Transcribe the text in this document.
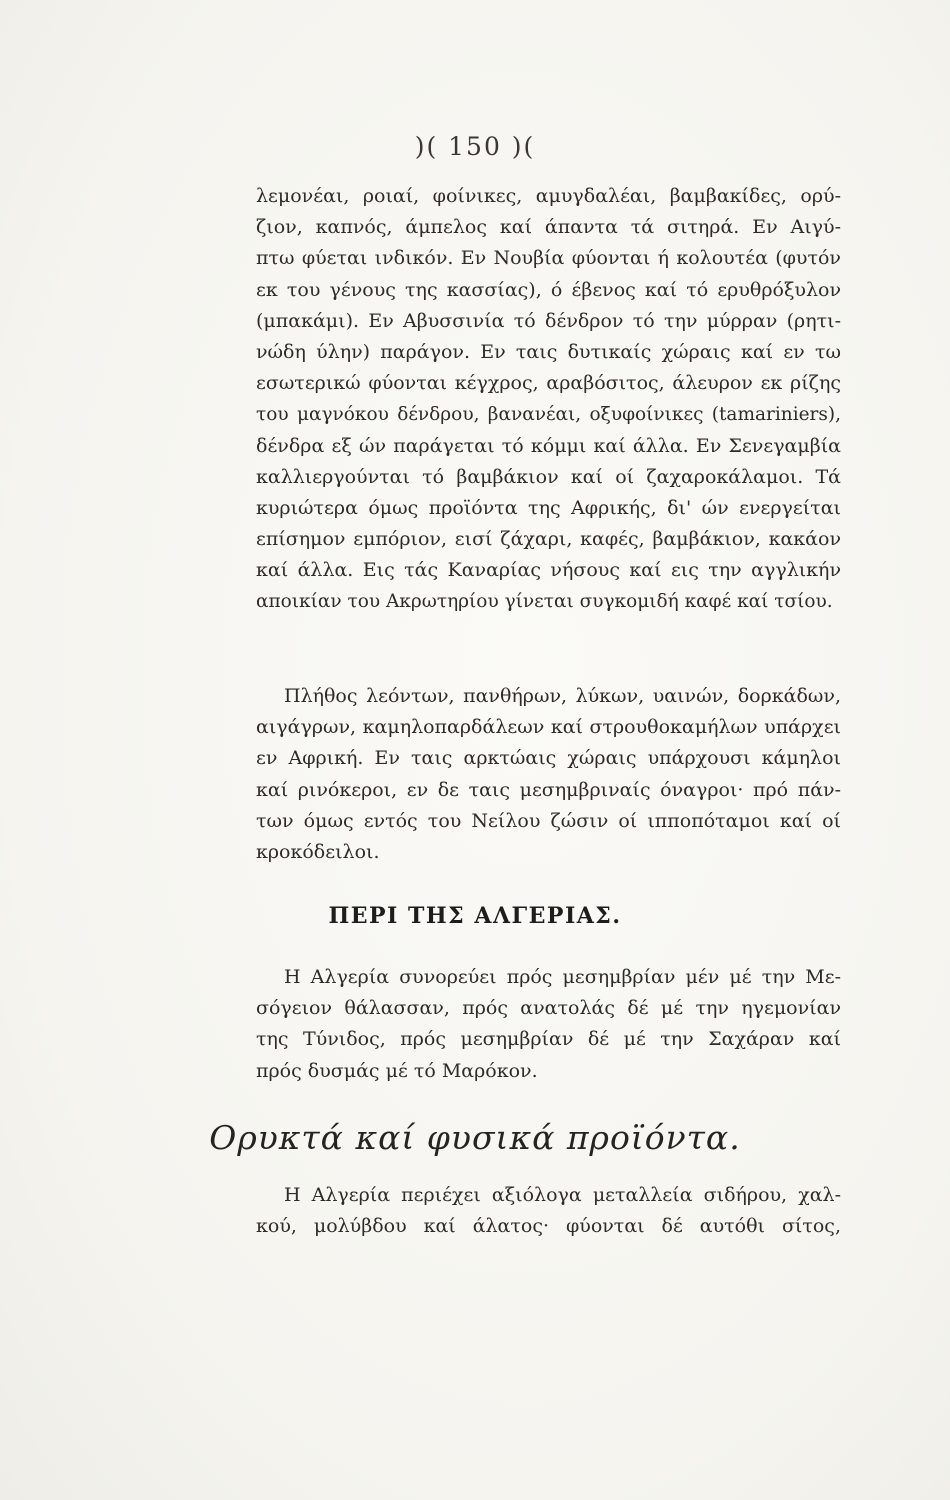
)( 150 )(
λεμονέαι, ροιαί, φοίνικες, αμυγδαλέαι, βαμβακίδες, ορύ-
ζιον, καπνός, άμπελος καί άπαντα τά σιτηρά. Εν Αιγύ-
πτω φύεται ινδικόν. Εν Νουβία φύονται ή κολουτέα (φυτόν
εκ του γένους της κασσίας), ό έβενος καί τό ερυθρόξυλον
(μπακάμι). Εν Αβυσσινία τό δένδρον τό την μύρραν (ρητι-
νώδη ύλην) παράγον. Εν ταις δυτικαίς χώραις καί εν τω
εσωτερικώ φύονται κέγχρος, αραβόσιτος, άλευρον εκ ρίζης
του μαγνόκου δένδρου, βανανέαι, οξυφοίνικες (tamariniers),
δένδρα εξ ών παράγεται τό κόμμι καί άλλα. Εν Σενεγαμβία
καλλιεργούνται τό βαμβάκιον καί οί ζαχαροκάλαμοι. Τά
κυριώτερα όμως προϊόντα της Αφρικής, δι' ών ενεργείται
επίσημον εμπόριον, εισί ζάχαρι, καφές, βαμβάκιον, κακάον
καί άλλα. Εις τάς Καναρίας νήσους καί εις την αγγλικήν
αποικίαν του Ακρωτηρίου γίνεται συγκομιδή καφέ καί τσίου.
Πλήθος λεόντων, πανθήρων, λύκων, υαινών, δορκάδων,
αιγάγρων, καμηλοπαρδάλεων καί στρουθοκαμήλων υπάρχει
εν Αφρική. Εν ταις αρκτώαις χώραις υπάρχουσι κάμηλοι
καί ρινόκεροι, εν δε ταις μεσημβριναίς όναγροι· πρό πάν-
των όμως εντός του Νείλου ζώσιν οί ιπποπόταμοι καί οί
κροκόδειλοι.
ΠΕΡΙ ΤΗΣ ΑΛΓΕΡΙΑΣ.
Η Αλγερία συνορεύει πρός μεσημβρίαν μέν μέ την Με-
σόγειον θάλασσαν, πρός ανατολάς δέ μέ την ηγεμονίαν
της Τύνιδος, πρός μεσημβρίαν δέ μέ την Σαχάραν καί
πρός δυσμάς μέ τό Μαρόκον.
Ορυκτά καί φυσικά προϊόντα.
Η Αλγερία περιέχει αξιόλογα μεταλλεία σιδήρου, χαλ-
κού, μολύβδου καί άλατος· φύονται δέ αυτόθι σίτος,
